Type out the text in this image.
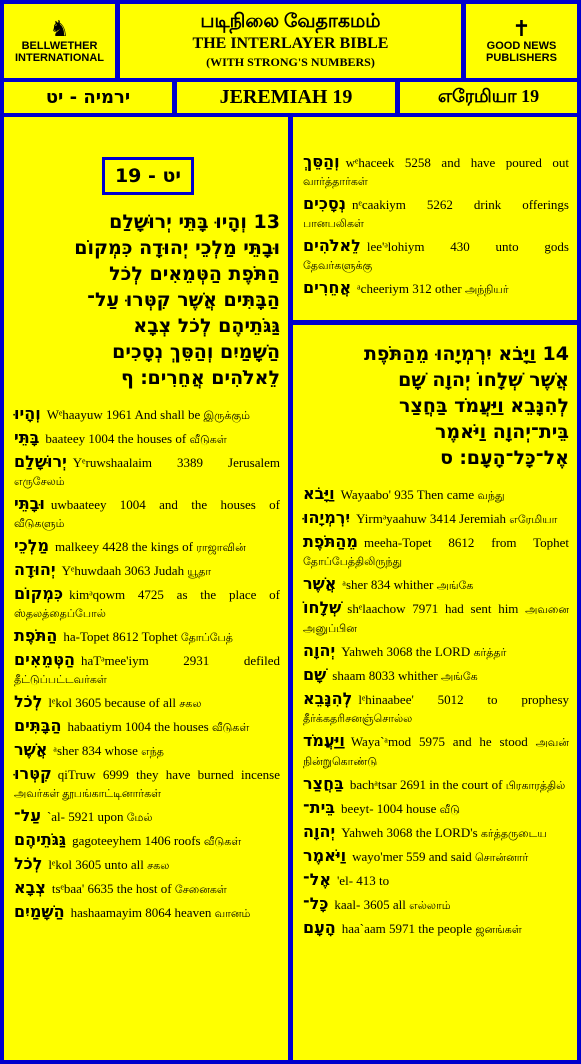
♞
BELLWETHER
INTERNATIONAL
படிநிலை வேதாகமம்
THE INTERLAYER BIBLE
(WITH STRONG'S NUMBERS)
✝
GOOD NEWS
PUBLISHERS
ירמיה - יט	JEREMIAH 19	எரேமியா 19
יט - 19
13 וְהָיוּ בָּתֵּי יְרוּשָׁלִַם
וּבָתֵּי מַלְכֵי יְהוּדָה כִּמְקוֹם
הַתֹּפֶת הַטְּמֵאִים לְכֹל
הַבָּתִּים אֲשֶׁר קִטְּרוּ עַל־
גַּגֹּתֵיהֶם לְכֹל צְבָא
הַשָּׁמַיִם וְהַסֵּךְ נְסָכִים
לֵאלֹהִים אֲחֵרִים׃ ף
וְהָיוּ Wᵉhaayuw 1961 And shall be இருக்கும்
בָּתֵּי baateey 1004 the houses of வீடுகள்
יְרוּשָׁלִַם Yᵉruwshaalaim 3389 Jerusalem எருசேலம்
וּבָתֵּי uwbaateey 1004 and the houses of வீடுகளும்
מַלְכֵי malkeey 4428 the kings of ராஜாவின்
יְהוּדָה Yᵉhuwdaah 3063 Judah யூதா
כִּמְקוֹם kimᵊqowm 4725 as the place of ஸ்தலத்தைப்போல்
הַתֹּפֶת ha-Topet 8612 Tophet தோப்பேத்
הַטְּמֵאִים haTᵊmee'iym 2931 defiled தீட்டுப்பட்டவர்கள்
לְכֹל lᵉkol 3605 because of all சகல
הַבָּתִּים habaatiym 1004 the houses வீடுகள்
אֲשֶׁר ᵃsher 834 whose எந்த
קִטְּרוּ qiTruw 6999 they have burned incense அவர்கள் தூபங்காட்டினார்கள்
עַל־ `al- 5921 upon மேல்
גַּגֹּתֵיהֶם gagoteeyhem 1406 roofs வீடுகள்
לְכֹל lᵉkol 3605 unto all சகல
צְבָא tsᵉbaa' 6635 the host of சேனைகள்
הַשָּׁמַיִם hashaamayim 8064 heaven வானம்
וְהַסֵּךְ wᵉhaceek 5258 and have poured out வார்த்தார்கள்
נְסָכִים nᵉcaakiym 5262 drink offerings பானபலிகள்
לֵאלֹהִים lee'ᵊlohiym 430 unto gods தேவர்களுக்கு
אֲחֵרִים ᵃcheeriym 312 other அந்நியர்
14 וַיָּבֹא יִרְמְיָהוּ מֵהַתֹּפֶת
אֲשֶׁר שְׁלָחוֹ יְהוָה שָׁם
לְהִנָּבֵא וַיַּעֲמֹד בַּחֲצַר
בֵּית־יְהוָה וַיֹּאמֶר
אֶל־כָּל־הָעָם׃ ס
וַיָּבֹא Wayaabo' 935 Then came வந்து
יִרְמְיָהוּ Yirmᵊyaahuw 3414 Jeremiah எரேமியா
מֵהַתֹּפֶת meeha-Topet 8612 from Tophet தோப்பேத்திலிருந்து
אֲשֶׁר ᵃsher 834 whither அங்கே
שְׁלָחוֹ shᵉlaachow 7971 had sent him அவனை அனுப்பின
יְהוָה Yahweh 3068 the LORD கர்த்தர்
שָׁם shaam 8033 whither அங்கே
לְהִנָּבֵא lᵉhinaabee' 5012 to prophesy தீர்க்கதரிசனஞ்சொல்ல
וַיַּעֲמֹד Waya`ᵃmod 5975 and he stood அவன் நின்றுகொண்டு
בַּחֲצַר bachᵃtsar 2691 in the court of பிரகாரத்தில்
בֵּית־ beeyt- 1004 house வீடு
יְהוָה Yahweh 3068 the LORD's கர்த்தருடைய
וַיֹּאמֶר wayo'mer 559 and said சொன்னார்
אֶל־ 'el- 413 to
כָּל־ kaal- 3605 all எல்லாம்
הָעָם haa`aam 5971 the people ஜனங்கள்
